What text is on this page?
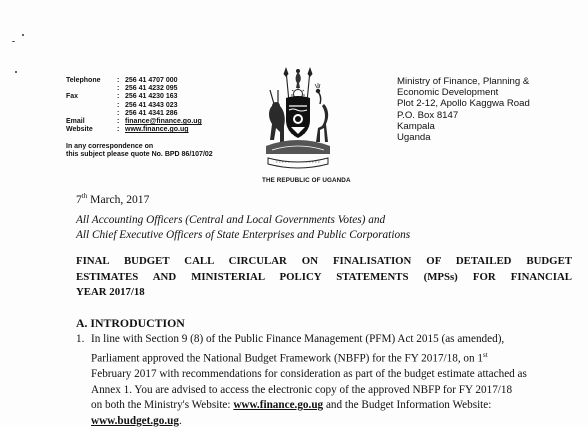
Telephone	: 256 41 4707 000
: 256 41 4232 095
Fax	: 256 41 4230 163
: 256 41 4343 023
: 256 41 4341 286
Email	: finance@finance.go.ug
Website	: www.finance.go.ug
In any correspondence on
this subject please quote No. BPD 86/107/02
THE REPUBLIC OF UGANDA
Ministry of Finance, Planning &
Economic Development
Plot 2-12, Apollo Kaggwa Road
P.O. Box 8147
Kampala
Uganda
7th March, 2017
All Accounting Officers (Central and Local Governments Votes) and
All Chief Executive Officers of State Enterprises and Public Corporations
FINAL BUDGET CALL CIRCULAR ON FINALISATION OF DETAILED BUDGET
ESTIMATES AND MINISTERIAL POLICY STATEMENTS (MPSs) FOR FINANCIAL
YEAR 2017/18
A. INTRODUCTION
1. In line with Section 9 (8) of the Public Finance Management (PFM) Act 2015 (as amended),
Parliament approved the National Budget Framework (NBFP) for the FY 2017/18, on 1st
February 2017 with recommendations for consideration as part of the budget estimate attached as
Annex 1. You are advised to access the electronic copy of the approved NBFP for FY 2017/18
on both the Ministry's Website: www.finance.go.ug and the Budget Information Website:
www.budget.go.ug.
